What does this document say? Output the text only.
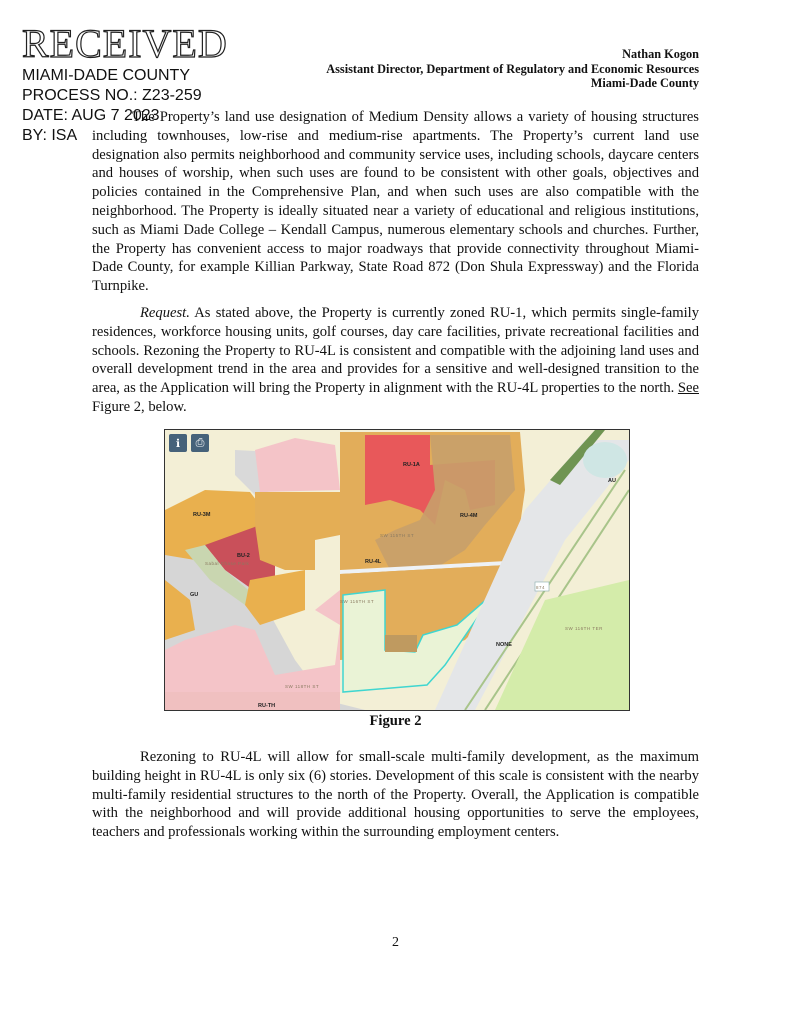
RECEIVED
MIAMI-DADE COUNTY
PROCESS NO.: Z23-259
DATE: AUG 7 2023
BY: ISA
Nathan Kogon
Assistant Director, Department of Regulatory and Economic Resources
Miami-Dade County
The Property’s land use designation of Medium Density allows a variety of housing structures including townhouses, low-rise and medium-rise apartments. The Property’s current land use designation also permits neighborhood and community service uses, including schools, daycare centers and houses of worship, when such uses are found to be consistent with other goals, objectives and policies contained in the Comprehensive Plan, and when such uses are also compatible with the neighborhood. The Property is ideally situated near a variety of educational and religious institutions, such as Miami Dade College – Kendall Campus, numerous elementary schools and churches. Further, the Property has convenient access to major roadways that provide connectivity throughout Miami-Dade County, for example Killian Parkway, State Road 872 (Don Shula Expressway) and the Florida Turnpike.
Request. As stated above, the Property is currently zoned RU-1, which permits single-family residences, workforce housing units, golf courses, day care facilities, private recreational facilities and schools. Rezoning the Property to RU-4L is consistent and compatible with the adjoining land uses and overall development trend in the area and provides for a sensitive and well-designed transition to the area, as the Application will bring the Property in alignment with the RU-4L properties to the north. See Figure 2, below.
RU-3M
BU-2
RU-1A
RU-4M
RU-4L
GU
AU
NONE
RU-TH
Sabal Chase Park
874
SW 115TH ST
SW 116TH ST
SW 118TH ST
SW 116TH TER
ℹ ⎙
Figure 2
Rezoning to RU-4L will allow for small-scale multi-family development, as the maximum building height in RU-4L is only six (6) stories. Development of this scale is consistent with the nearby multi-family residential structures to the north of the Property. Overall, the Application is compatible with the neighborhood and will provide additional housing opportunities to serve the employees, teachers and professionals working within the surrounding employment centers.
2
